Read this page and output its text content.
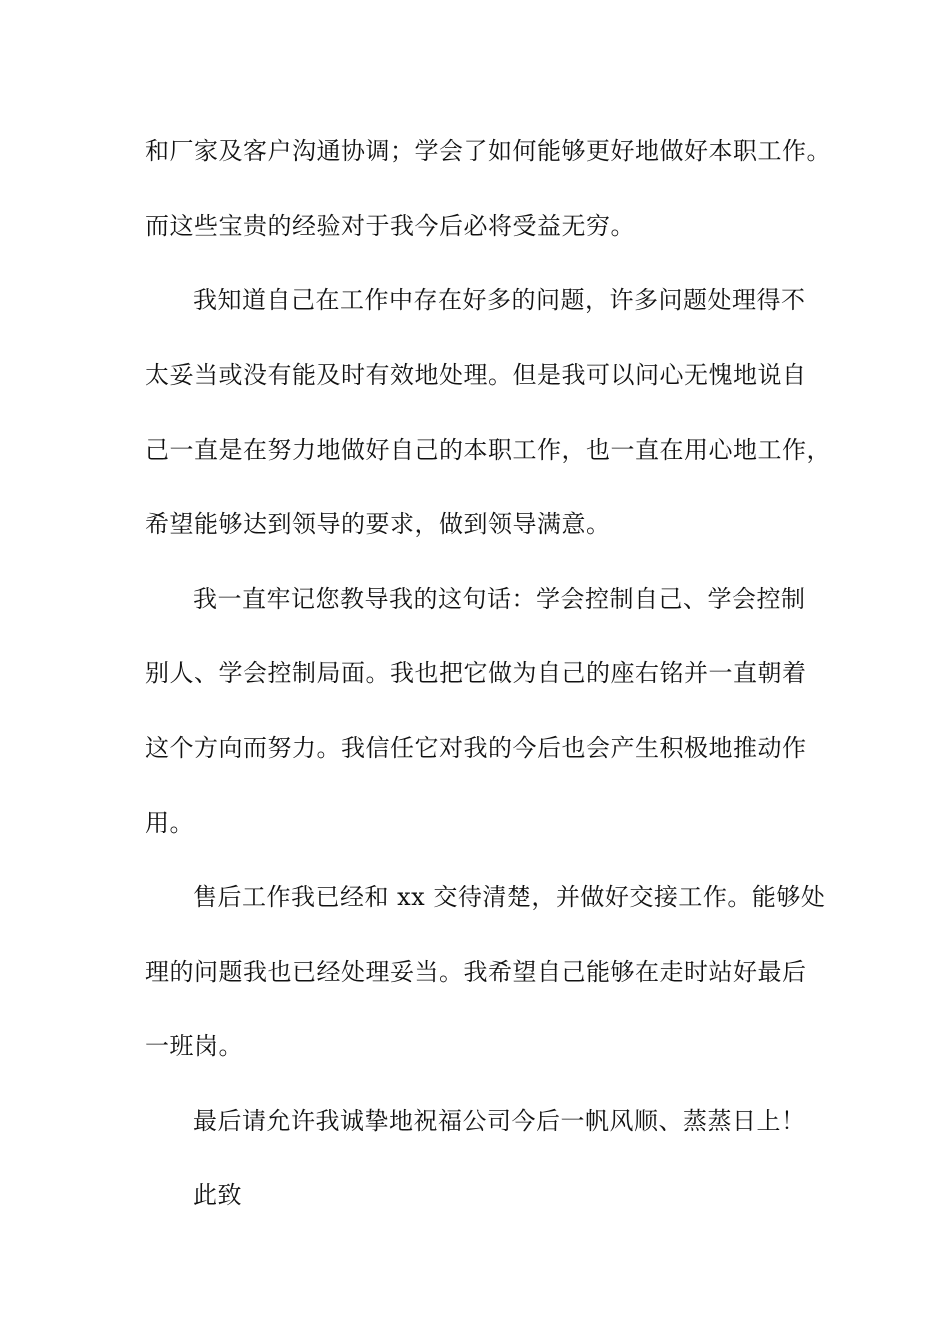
和厂家及客户沟通协调；学会了如何能够更好地做好本职工作。
而这些宝贵的经验对于我今后必将受益无穷。
我知道自己在工作中存在好多的问题，许多问题处理得不
太妥当或没有能及时有效地处理。但是我可以问心无愧地说自
己一直是在努力地做好自己的本职工作，也一直在用心地工作，
希望能够达到领导的要求，做到领导满意。
我一直牢记您教导我的这句话：学会控制自己、学会控制
别人、学会控制局面。我也把它做为自己的座右铭并一直朝着
这个方向而努力。我信任它对我的今后也会产生积极地推动作
用。
售后工作我已经和 xx 交待清楚，并做好交接工作。能够处
理的问题我也已经处理妥当。我希望自己能够在走时站好最后
一班岗。
最后请允许我诚挚地祝福公司今后一帆风顺、蒸蒸日上！
此致
